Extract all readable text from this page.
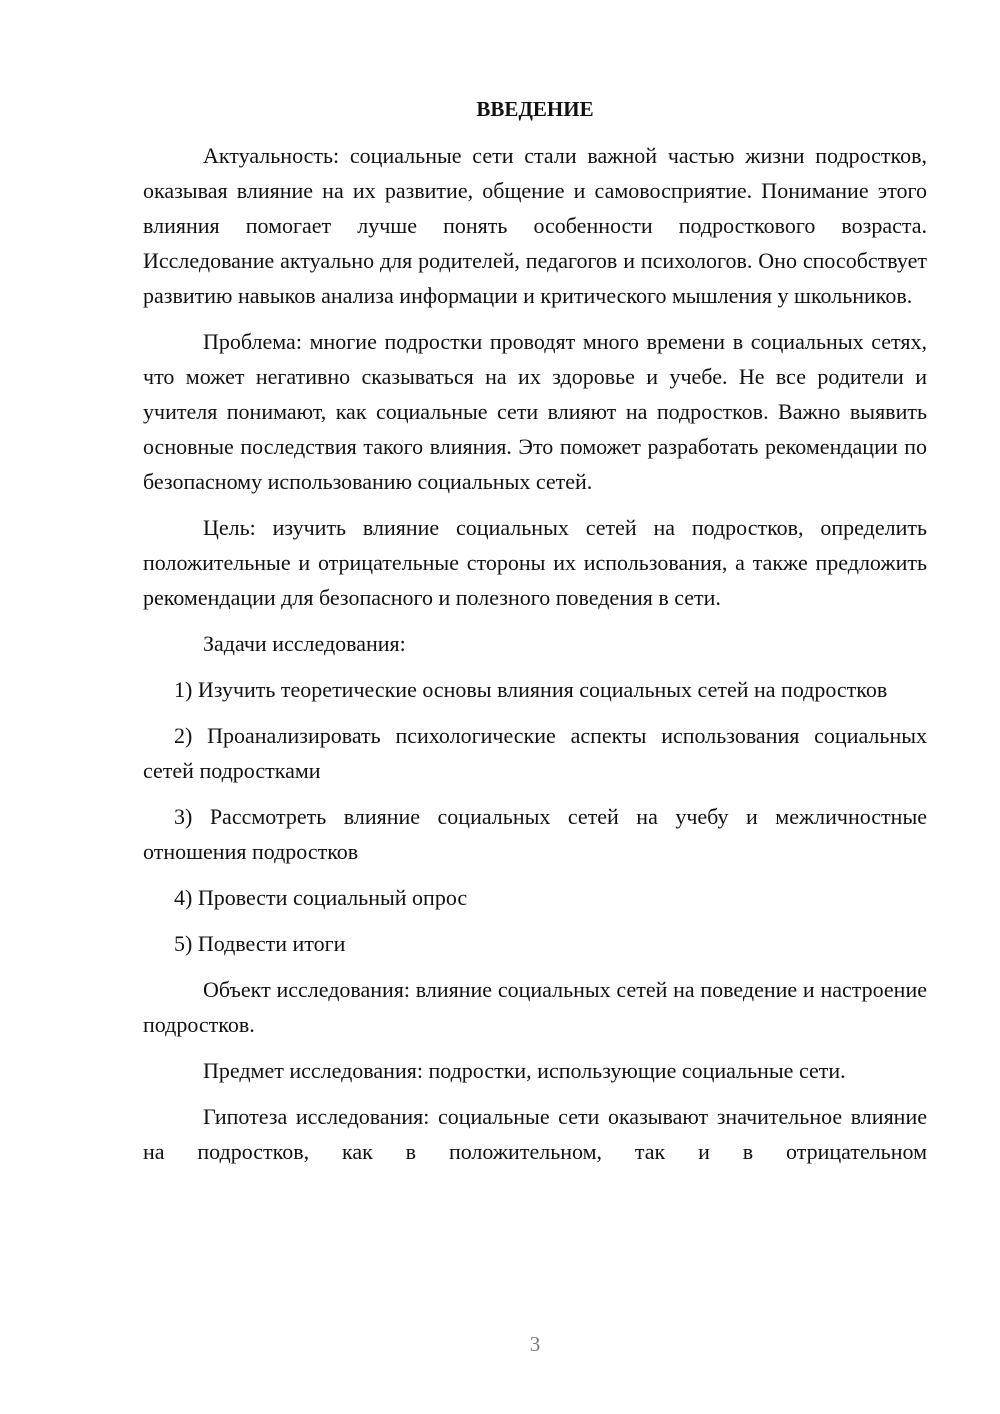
ВВЕДЕНИЕ

Актуальность: социальные сети стали важной частью жизни подростков, оказывая влияние на их развитие, общение и самовосприятие. Понимание этого влияния помогает лучше понять особенности подросткового возраста. Исследование актуально для родителей, педагогов и психологов. Оно способствует развитию навыков анализа информации и критического мышления у школьников.

Проблема: многие подростки проводят много времени в социальных сетях, что может негативно сказываться на их здоровье и учебе. Не все родители и учителя понимают, как социальные сети влияют на подростков. Важно выявить основные последствия такого влияния. Это поможет разработать рекомендации по безопасному использованию социальных сетей.

Цель: изучить влияние социальных сетей на подростков, определить положительные и отрицательные стороны их использования, а также предложить рекомендации для безопасного и полезного поведения в сети.

Задачи исследования:

1) Изучить теоретические основы влияния социальных сетей на подростков

2) Проанализировать психологические аспекты использования социальных сетей подростками

3) Рассмотреть влияние социальных сетей на учебу и межличностные отношения подростков

4) Провести социальный опрос

5) Подвести итоги

Объект исследования: влияние социальных сетей на поведение и настроение подростков.

Предмет исследования: подростки, использующие социальные сети.

Гипотеза исследования: социальные сети оказывают значительное влияние на подростков, как в положительном, так и в отрицательном

3
